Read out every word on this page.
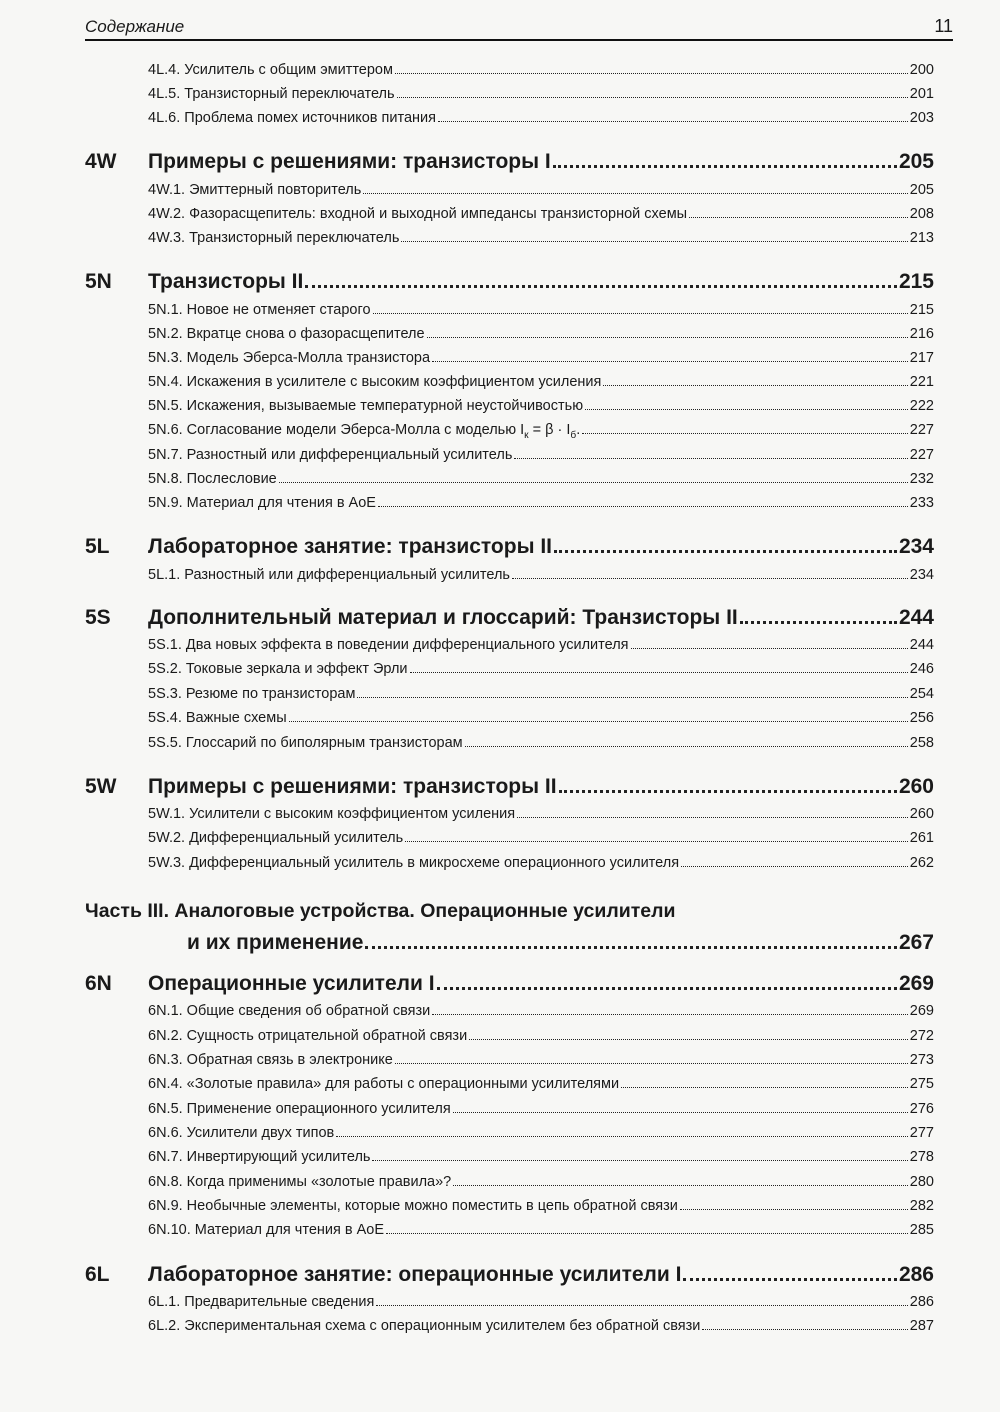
Содержание	11
4L.4. Усилитель с общим эмиттером	200
4L.5. Транзисторный переключатель	201
4L.6. Проблема помех источников питания	203
4W	Примеры с решениями: транзисторы I	205
4W.1. Эмиттерный повторитель	205
4W.2. Фазорасщепитель: входной и выходной импедансы транзисторной схемы	208
4W.3. Транзисторный переключатель	213
5N	Транзисторы II	215
5N.1. Новое не отменяет старого	215
5N.2. Вкратце снова о фазорасщепителе	216
5N.3. Модель Эберса-Молла транзистора	217
5N.4. Искажения в усилителе с высоким коэффициентом усиления	221
5N.5. Искажения, вызываемые температурной неустойчивостью	222
5N.6. Согласование модели Эберса-Молла с моделью $I_к = \beta \cdot I_б$.	227
5N.7. Разностный или дифференциальный усилитель	227
5N.8. Послесловие	232
5N.9. Материал для чтения в AoE	233
5L	Лабораторное занятие: транзисторы II	234
5L.1. Разностный или дифференциальный усилитель	234
5S	Дополнительный материал и глоссарий: Транзисторы II	244
5S.1. Два новых эффекта в поведении дифференциального усилителя	244
5S.2. Токовые зеркала и эффект Эрли	246
5S.3. Резюме по транзисторам	254
5S.4. Важные схемы	256
5S.5. Глоссарий по биполярным транзисторам	258
5W	Примеры с решениями: транзисторы II	260
5W.1. Усилители с высоким коэффициентом усиления	260
5W.2. Дифференциальный усилитель	261
5W.3. Дифференциальный усилитель в микросхеме операционного усилителя	262
Часть III. Аналоговые устройства. Операционные усилители
и их применение	267
6N	Операционные усилители I	269
6N.1. Общие сведения об обратной связи	269
6N.2. Сущность отрицательной обратной связи	272
6N.3. Обратная связь в электронике	273
6N.4. «Золотые правила» для работы с операционными усилителями	275
6N.5. Применение операционного усилителя	276
6N.6. Усилители двух типов	277
6N.7. Инвертирующий усилитель	278
6N.8. Когда применимы «золотые правила»?	280
6N.9. Необычные элементы, которые можно поместить в цепь обратной связи	282
6N.10. Материал для чтения в AoE	285
6L	Лабораторное занятие: операционные усилители I	286
6L.1. Предварительные сведения	286
6L.2. Экспериментальная схема с операционным усилителем без обратной связи	287
